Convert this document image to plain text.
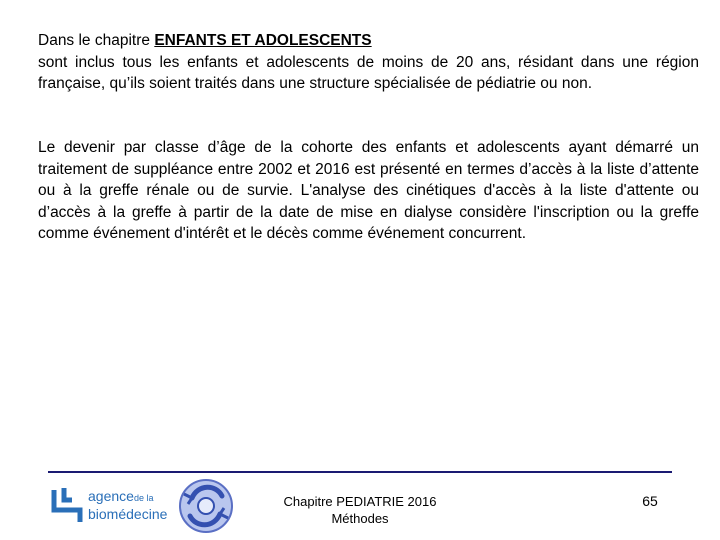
Dans le chapitre ENFANTS ET ADOLESCENTS
sont inclus tous les enfants et adolescents de moins de 20 ans, résidant dans une région française, qu’ils soient traités dans une structure spécialisée de pédiatrie ou non.
Le devenir par classe d’âge de la cohorte des enfants et adolescents ayant démarré un traitement de suppléance entre 2002 et 2016 est présenté en termes d’accès à la liste d’attente ou à la greffe rénale ou de survie. L'analyse des cinétiques d'accès à la liste d'attente ou d’accès à la greffe à partir de la date de mise en dialyse considère l'inscription ou la greffe comme événement d'intérêt et le décès comme événement concurrent.
agencede la
biomédecine
Chapitre PEDIATRIE 2016
Méthodes
65
